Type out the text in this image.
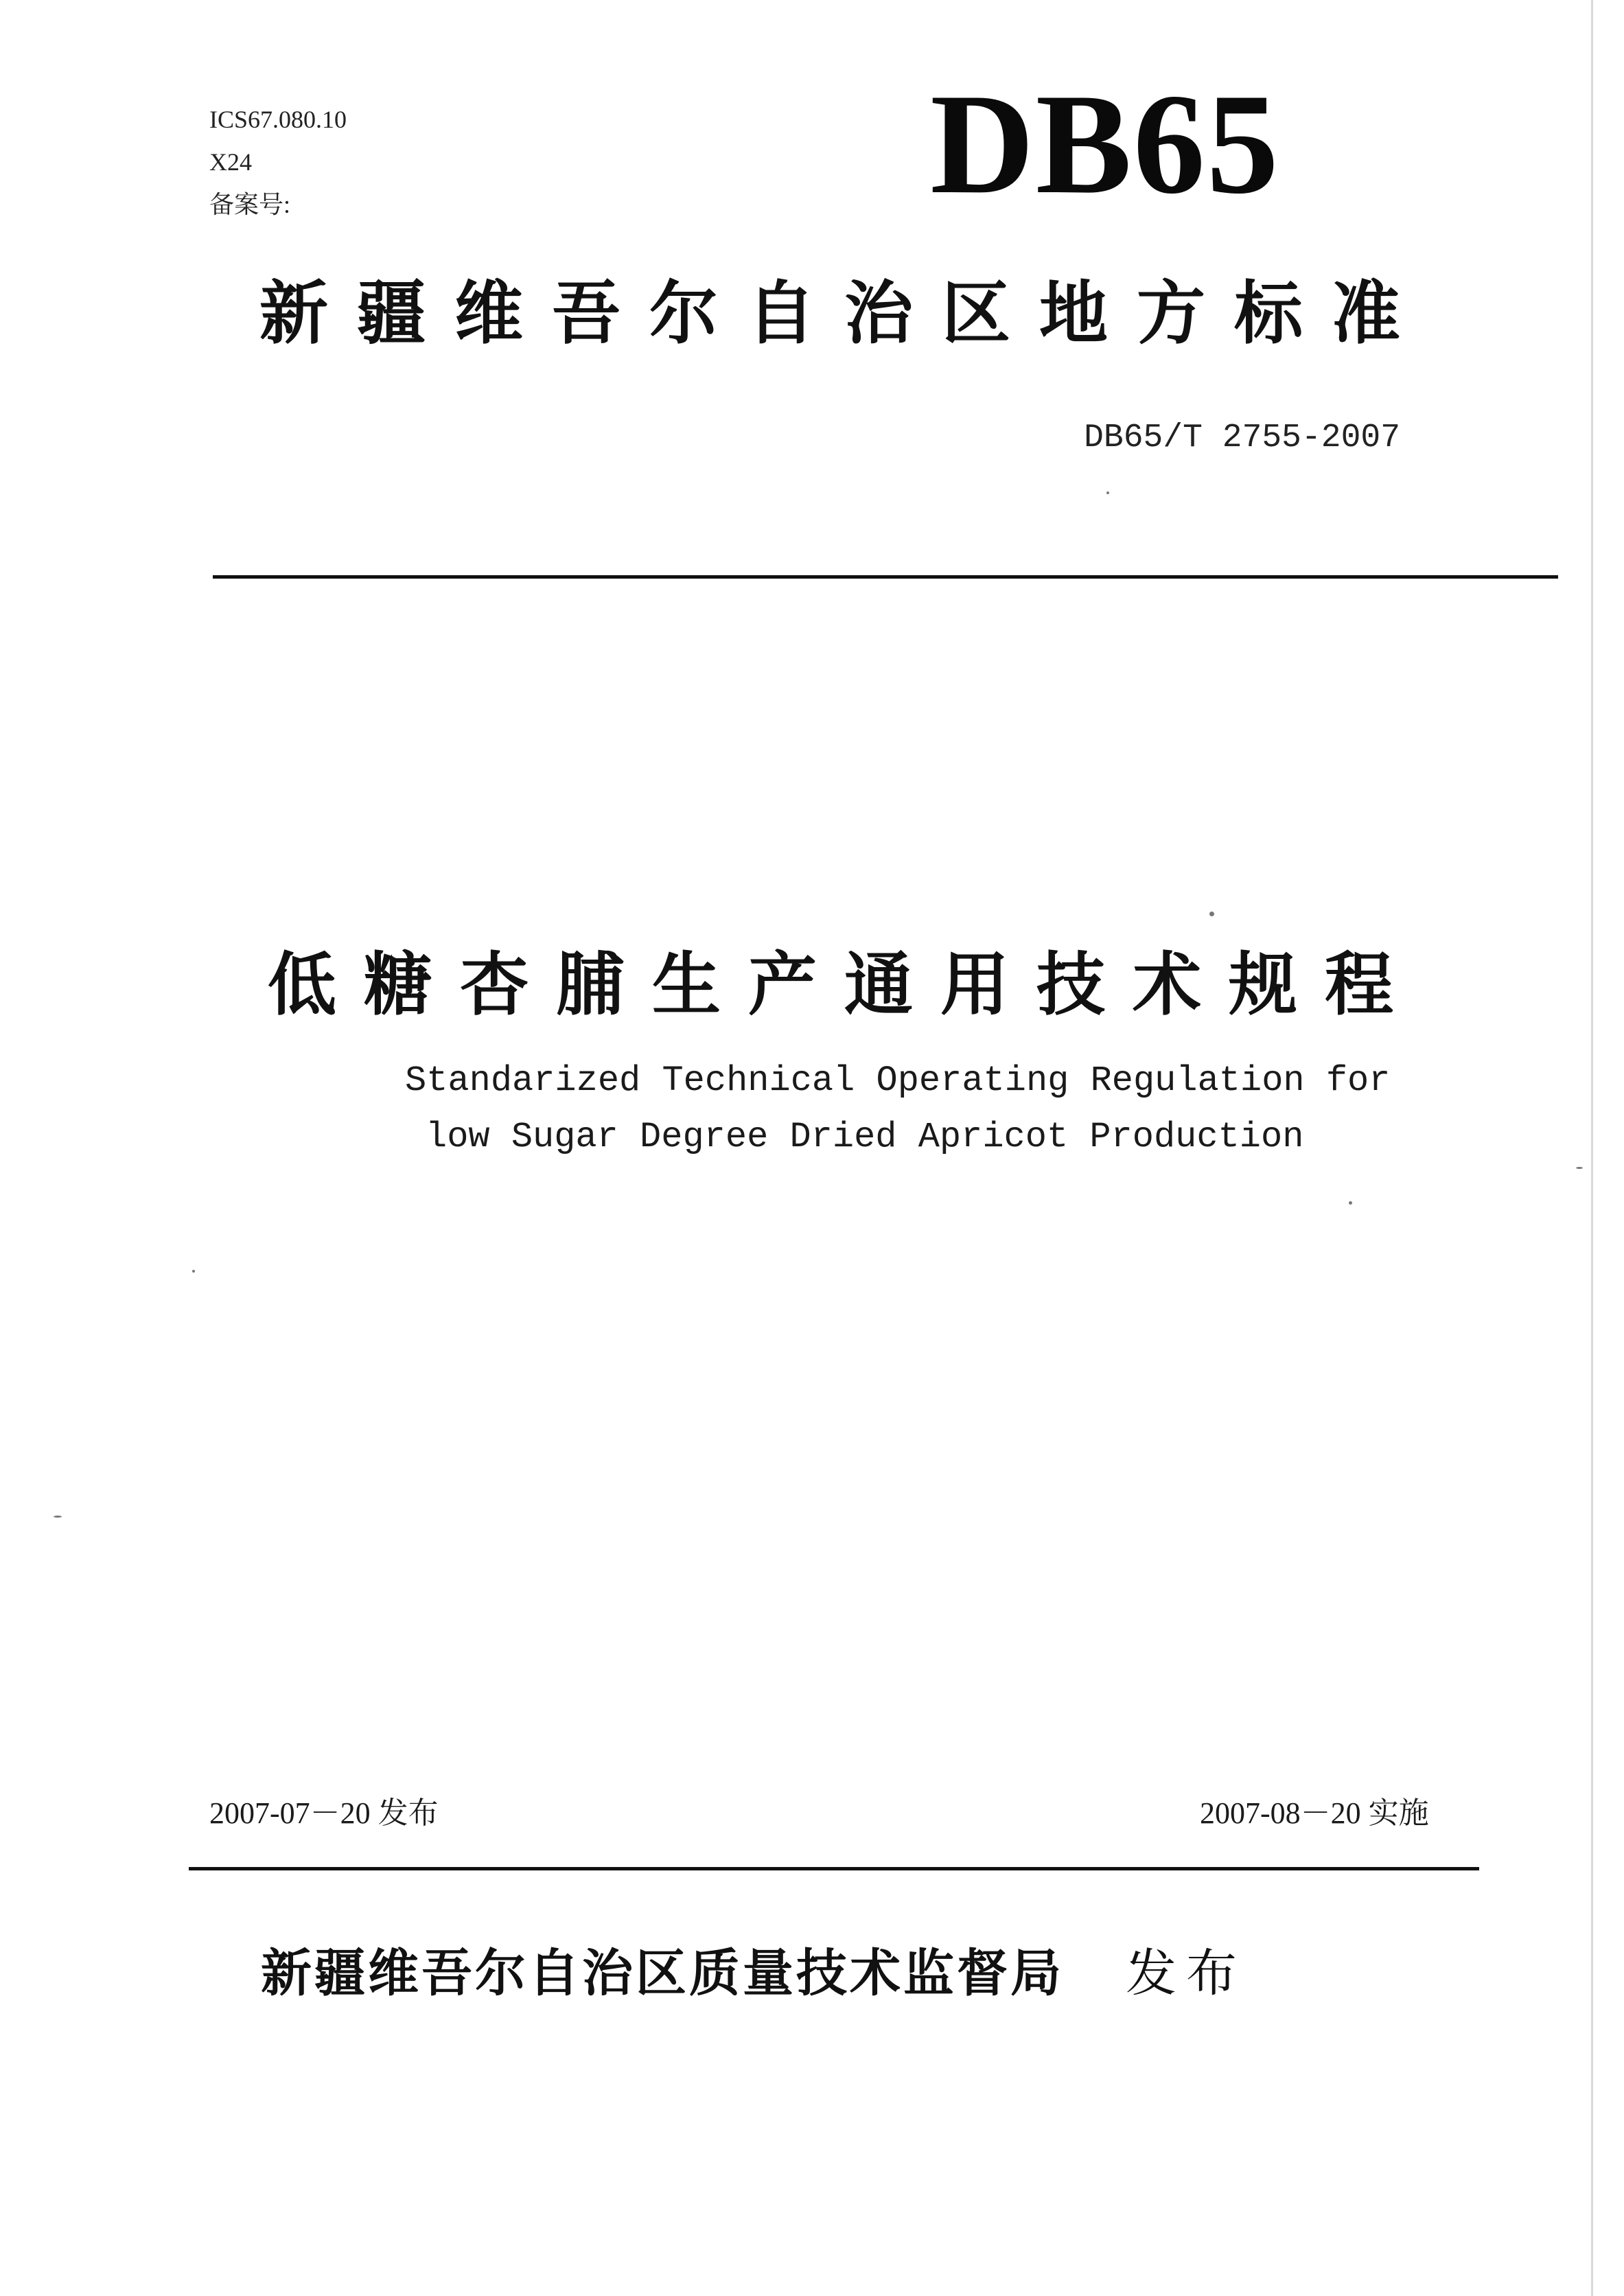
ICS67.080.10
X24
备案号:	DB65
新疆维吾尔自治区地方标准
DB65/T 2755-2007
低糖杏脯生产通用技术规程
Standarized Technical Operating Regulation for
low Sugar Degree Dried Apricot Production
2007-07－20 发布	2007-08－20 实施
新疆维吾尔自治区质量技术监督局 发布
